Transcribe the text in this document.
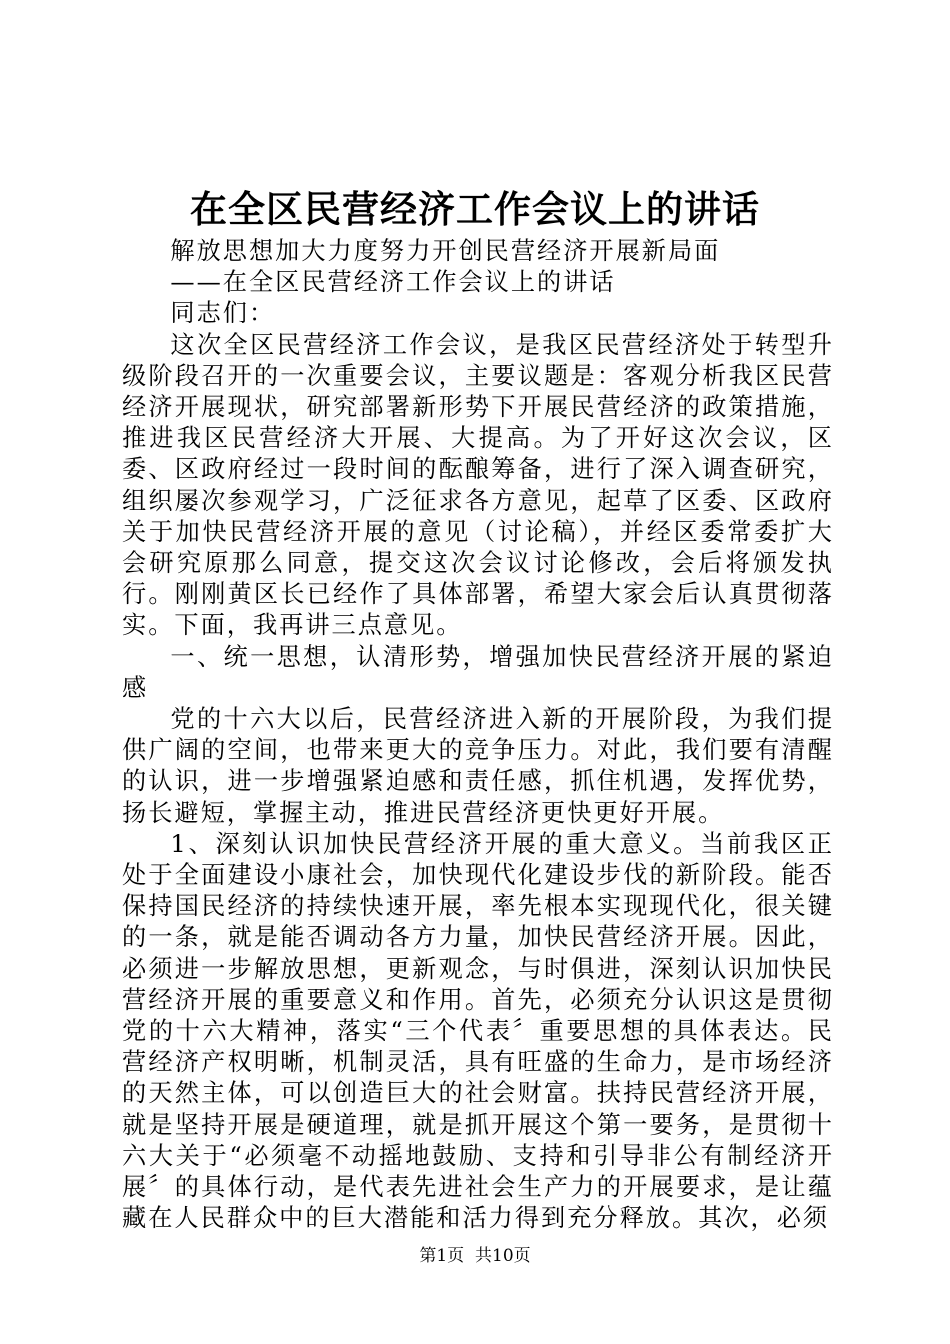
在全区民营经济工作会议上的讲话

解放思想加大力度努力开创民营经济开展新局面

——在全区民营经济工作会议上的讲话

同志们：

这次全区民营经济工作会议，是我区民营经济处于转型升级阶段召开的一次重要会议，主要议题是：客观分析我区民营经济开展现状，研究部署新形势下开展民营经济的政策措施，推进我区民营经济大开展、大提高。为了开好这次会议，区委、区政府经过一段时间的酝酿筹备，进行了深入调查研究，组织屡次参观学习，广泛征求各方意见，起草了区委、区政府关于加快民营经济开展的意见（讨论稿），并经区委常委扩大会研究原那么同意，提交这次会议讨论修改，会后将颁发执行。刚刚黄区长已经作了具体部署，希望大家会后认真贯彻落实。下面，我再讲三点意见。

一、统一思想，认清形势，增强加快民营经济开展的紧迫感

党的十六大以后，民营经济进入新的开展阶段，为我们提供广阔的空间，也带来更大的竞争压力。对此，我们要有清醒的认识，进一步增强紧迫感和责任感，抓住机遇，发挥优势，扬长避短，掌握主动，推进民营经济更快更好开展。

1、深刻认识加快民营经济开展的重大意义。当前我区正处于全面建设小康社会，加快现代化建设步伐的新阶段。能否保持国民经济的持续快速开展，率先根本实现现代化，很关键的一条，就是能否调动各方力量，加快民营经济开展。因此，必须进一步解放思想，更新观念，与时俱进，深刻认识加快民营经济开展的重要意义和作用。首先，必须充分认识这是贯彻党的十六大精神，落实“三个代表〞重要思想的具体表达。民营经济产权明晰，机制灵活，具有旺盛的生命力，是市场经济的天然主体，可以创造巨大的社会财富。扶持民营经济开展，就是坚持开展是硬道理，就是抓开展这个第一要务，是贯彻十六大关于“必须毫不动摇地鼓励、支持和引导非公有制经济开展〞的具体行动，是代表先进社会生产力的开展要求，是让蕴藏在人民群众中的巨大潜能和活力得到充分释放。其次，必须

第1页 共10页
